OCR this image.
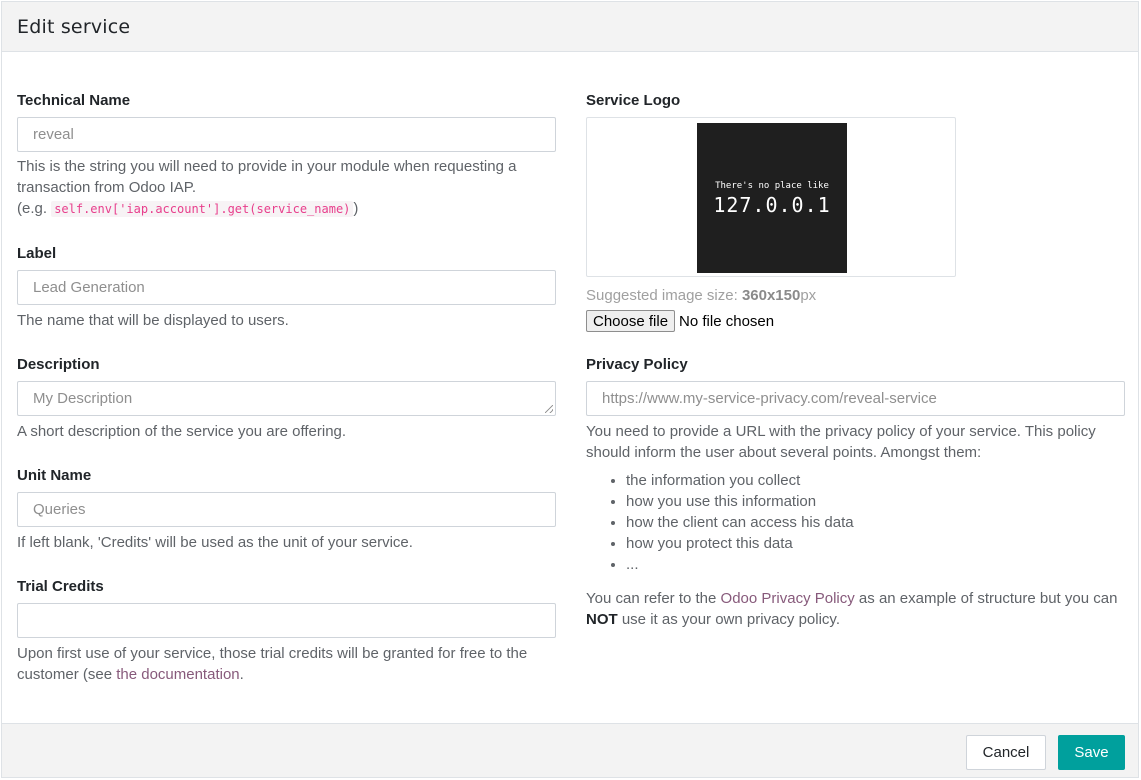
Edit service
Technical Name
reveal
This is the string you will need to provide in your module when requesting a transaction from Odoo IAP.
(e.g. self.env['iap.account'].get(service_name) )
Label
Lead Generation
The name that will be displayed to users.
Description
My Description
A short description of the service you are offering.
Unit Name
Queries
If left blank, 'Credits' will be used as the unit of your service.
Trial Credits
Upon first use of your service, those trial credits will be granted for free to the customer (see the documentation.
Service Logo
There's no place like
127.0.0.1
Suggested image size: 360x150px
Choose file No file chosen
Privacy Policy
https://www.my-service-privacy.com/reveal-service
You need to provide a URL with the privacy policy of your service. This policy should inform the user about several points. Amongst them:
• the information you collect
• how you use this information
• how the client can access his data
• how you protect this data
• ...
You can refer to the Odoo Privacy Policy as an example of structure but you can NOT use it as your own privacy policy.
Cancel	Save
